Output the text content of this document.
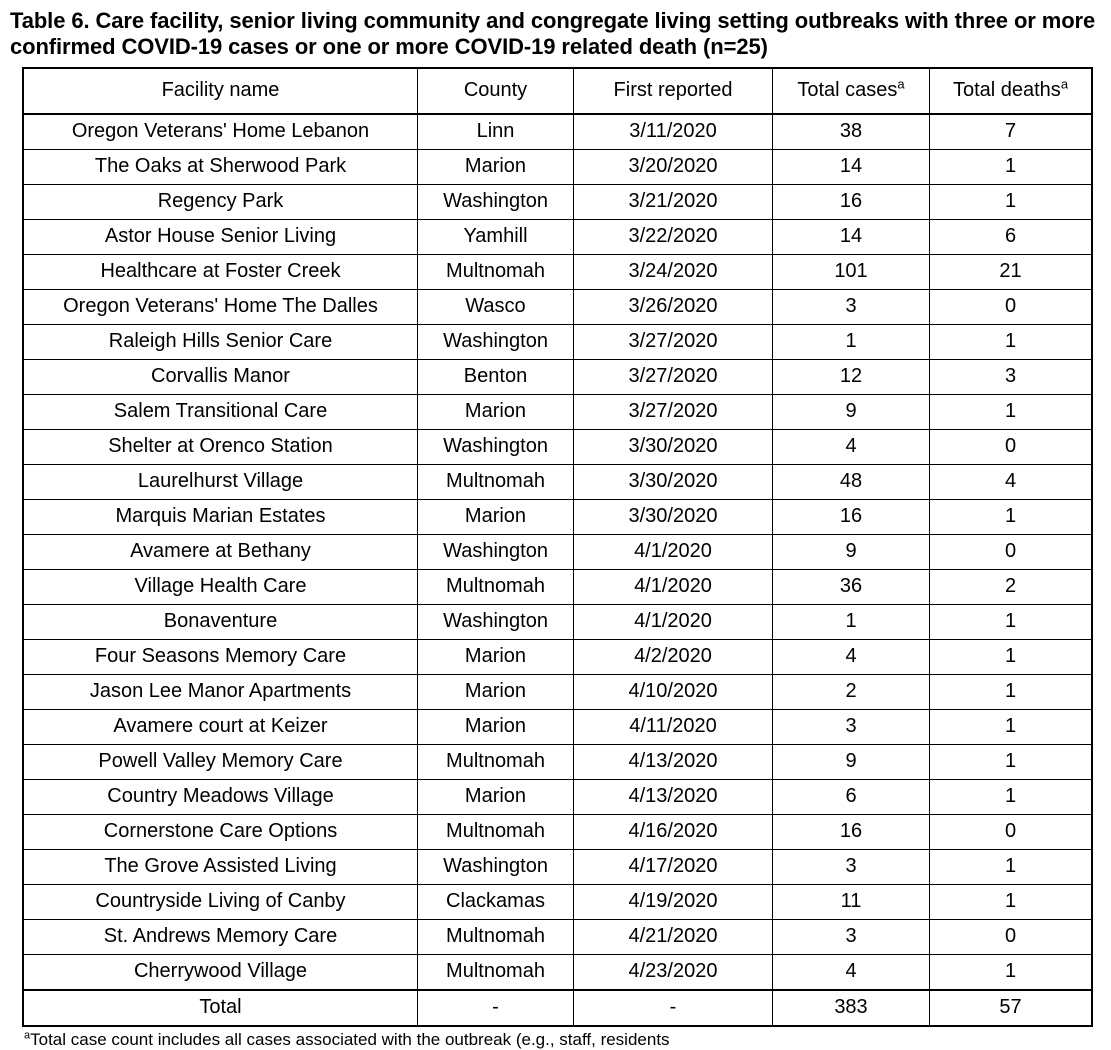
Table 6. Care facility, senior living community and congregate living setting outbreaks with three or more confirmed COVID-19 cases or one or more COVID-19 related death (n=25)
Facility name	County	First reported	Total cases$^a$	Total deaths$^a$
Oregon Veterans' Home Lebanon	Linn	3/11/2020	38	7
The Oaks at Sherwood Park	Marion	3/20/2020	14	1
Regency Park	Washington	3/21/2020	16	1
Astor House Senior Living	Yamhill	3/22/2020	14	6
Healthcare at Foster Creek	Multnomah	3/24/2020	101	21
Oregon Veterans' Home The Dalles	Wasco	3/26/2020	3	0
Raleigh Hills Senior Care	Washington	3/27/2020	1	1
Corvallis Manor	Benton	3/27/2020	12	3
Salem Transitional Care	Marion	3/27/2020	9	1
Shelter at Orenco Station	Washington	3/30/2020	4	0
Laurelhurst Village	Multnomah	3/30/2020	48	4
Marquis Marian Estates	Marion	3/30/2020	16	1
Avamere at Bethany	Washington	4/1/2020	9	0
Village Health Care	Multnomah	4/1/2020	36	2
Bonaventure	Washington	4/1/2020	1	1
Four Seasons Memory Care	Marion	4/2/2020	4	1
Jason Lee Manor Apartments	Marion	4/10/2020	2	1
Avamere court at Keizer	Marion	4/11/2020	3	1
Powell Valley Memory Care	Multnomah	4/13/2020	9	1
Country Meadows Village	Marion	4/13/2020	6	1
Cornerstone Care Options	Multnomah	4/16/2020	16	0
The Grove Assisted Living	Washington	4/17/2020	3	1
Countryside Living of Canby	Clackamas	4/19/2020	11	1
St. Andrews Memory Care	Multnomah	4/21/2020	3	0
Cherrywood Village	Multnomah	4/23/2020	4	1
Total	-	-	383	57
$^a$Total case count includes all cases associated with the outbreak (e.g., staff, residents
